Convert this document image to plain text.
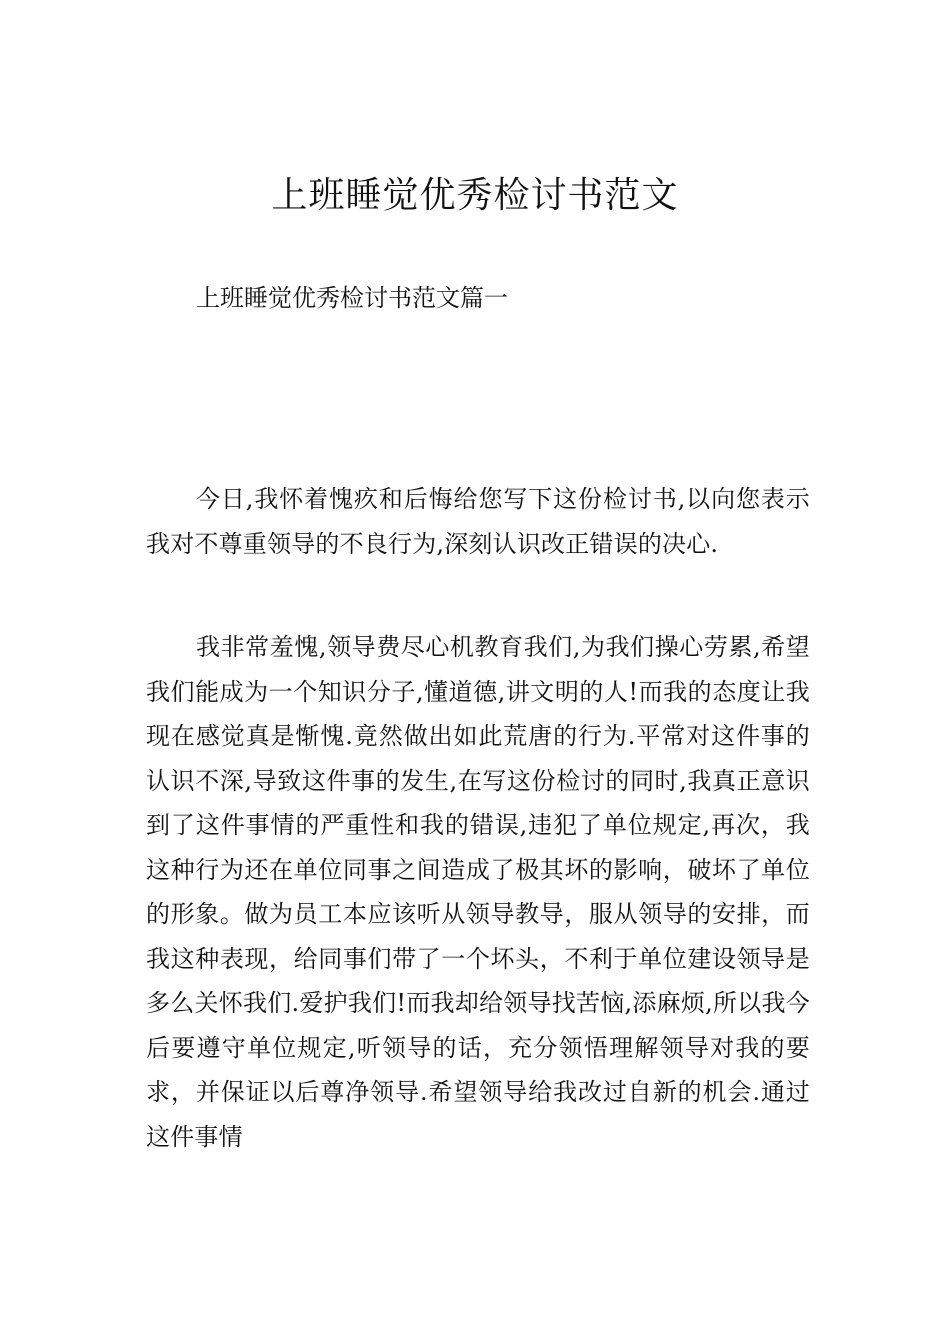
上班睡觉优秀检讨书范文
上班睡觉优秀检讨书范文篇一

今日,我怀着愧疚和后悔给您写下这份检讨书,以向您表示我对不尊重领导的不良行为,深刻认识改正错误的决心.

我非常羞愧,领导费尽心机教育我们,为我们操心劳累,希望我们能成为一个知识分子,懂道德,讲文明的人!而我的态度让我现在感觉真是惭愧.竟然做出如此荒唐的行为.平常对这件事的认识不深,导致这件事的发生,在写这份检讨的同时,我真正意识到了这件事情的严重性和我的错误,违犯了单位规定,再次，我这种行为还在单位同事之间造成了极其坏的影响，破坏了单位的形象。做为员工本应该听从领导教导，服从领导的安排，而我这种表现，给同事们带了一个坏头，不利于单位建设领导是多么关怀我们.爱护我们!而我却给领导找苦恼,添麻烦,所以我今后要遵守单位规定,听领导的话，充分领悟理解领导对我的要求，并保证以后尊净领导.希望领导给我改过自新的机会.通过这件事情
